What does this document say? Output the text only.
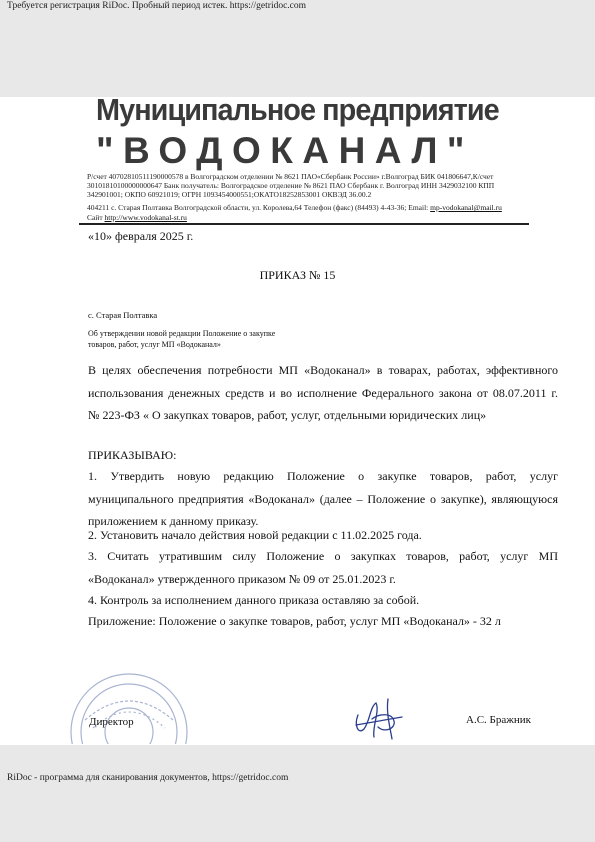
Требуется регистрация RiDoc. Пробный период истек. https://getridoc.com
Муниципальное предприятие
"ВОДОКАНАЛ"
Р/счет 40702810511190000578 в Волгоградском отделении № 8621 ПАО«Сбербанк России» г.Волгоград БИК 041806647,К/счет
30101810100000000647 Банк получатель: Волгоградское отделение № 8621 ПАО Сбербанк г. Волгоград ИНН 3429032100 КПП
342901001; ОКПО 60921019; ОГРН 1093454000551;ОКАТО18252853001 ОКВЭД 36.00.2
404211 с. Старая Полтавка Волгоградской области, ул. Королева,64 Телефон (факс) (84493) 4-43-36; Email: mp-vodokanal@mail.ru
Сайт http://www.vodokanal-st.ru
«10» февраля 2025 г.
ПРИКАЗ № 15
с. Старая Полтавка
Об утверждении новой редакции Положение о закупке
товаров, работ, услуг МП «Водоканал»
В целях обеспечения потребности МП «Водоканал» в товарах, работах, эффективного
использования денежных средств и во исполнение Федерального закона от 08.07.2011 г.
№ 223-ФЗ « О закупках товаров, работ, услуг, отдельными юридических лиц»
ПРИКАЗЫВАЮ:
1. Утвердить новую редакцию Положение о закупке товаров, работ, услуг
муниципального предприятия «Водоканал» (далее – Положение о закупке), являющуюся
приложением к данному приказу.
2. Установить начало действия новой редакции с 11.02.2025 года.
3. Считать утратившим силу Положение о закупках товаров, работ, услуг МП
«Водоканал» утвержденного приказом № 09 от 25.01.2023 г.
4. Контроль за исполнением данного приказа оставляю за собой.
Приложение: Положение о закупке товаров, работ, услуг МП «Водоканал» - 32 л
Директор	А.С. Бражник
RiDoc - программа для сканирования документов, https://getridoc.com
